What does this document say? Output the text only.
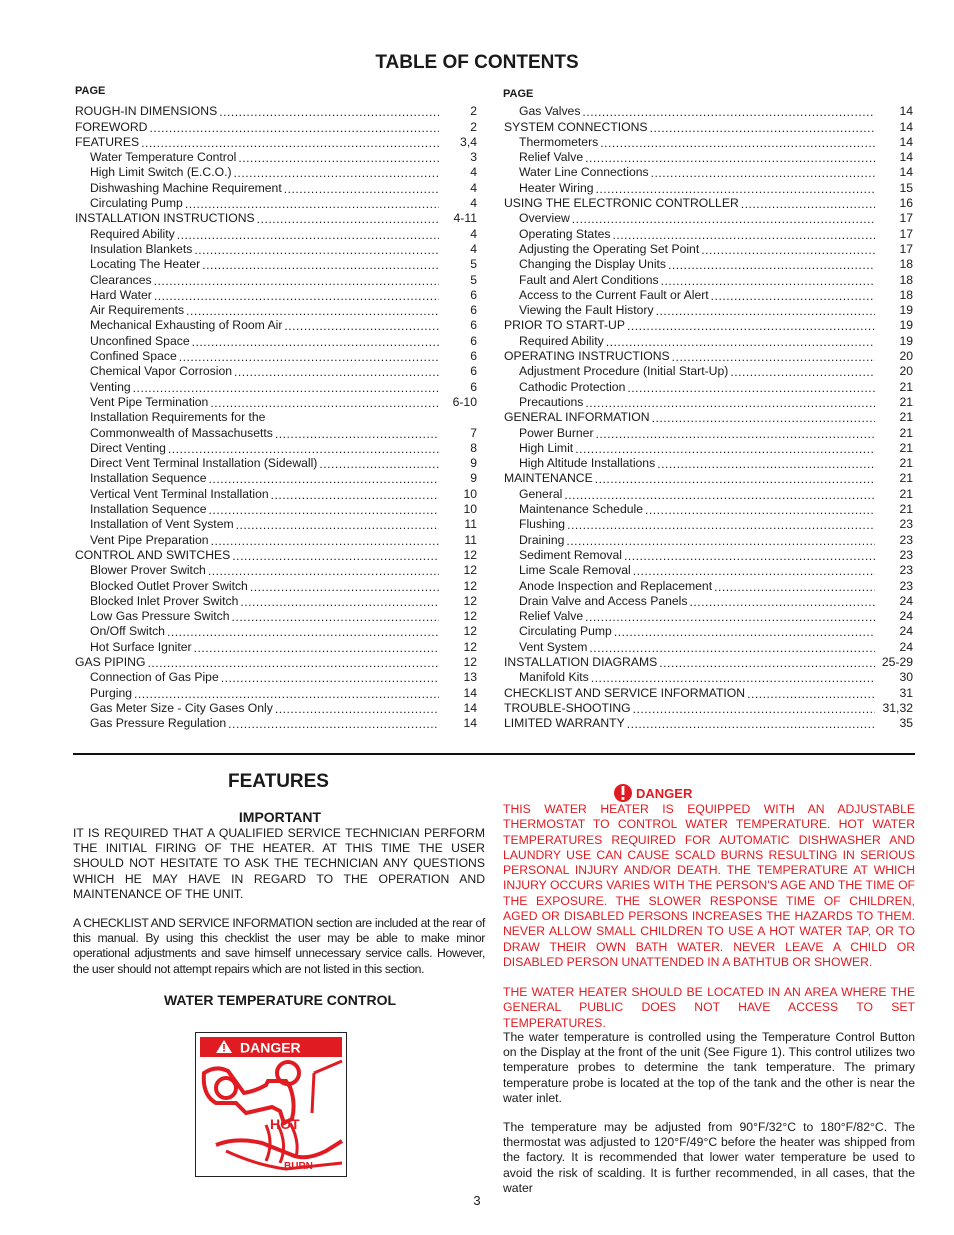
TABLE OF CONTENTS
PAGE	PAGE
ROUGH-IN DIMENSIONS .....	2
FOREWORD .....	2
FEATURES .....	3,4
Water Temperature Control .....	3
High Limit Switch (E.C.O.) .....	4
Dishwashing Machine Requirement .....	4
Circulating Pump .....	4
INSTALLATION INSTRUCTIONS .....	4-11
Required Ability .....	4
Insulation Blankets .....	4
Locating The Heater .....	5
Clearances .....	5
Hard Water .....	6
Air Requirements .....	6
Mechanical Exhausting of Room Air .....	6
Unconfined Space .....	6
Confined Space .....	6
Chemical Vapor Corrosion .....	6
Venting .....	6
Vent Pipe Termination .....	6-10
Installation Requirements for the
Commonwealth of Massachusetts .....	7
Direct Venting .....	8
Direct Vent Terminal Installation (Sidewall) .....	9
Installation Sequence .....	9
Vertical Vent Terminal Installation .....	10
Installation Sequence .....	10
Installation of Vent System .....	11
Vent Pipe Preparation .....	11
CONTROL AND SWITCHES .....	12
Blower Prover Switch .....	12
Blocked Outlet Prover Switch .....	12
Blocked Inlet Prover Switch .....	12
Low Gas Pressure Switch .....	12
On/Off Switch .....	12
Hot Surface Igniter .....	12
GAS PIPING .....	12
Connection of Gas Pipe .....	13
Purging .....	14
Gas Meter Size - City Gases Only .....	14
Gas Pressure Regulation .....	14
Gas Valves .....	14
SYSTEM CONNECTIONS .....	14
Thermometers .....	14
Relief Valve .....	14
Water Line Connections .....	14
Heater Wiring .....	15
USING THE ELECTRONIC CONTROLLER .....	16
Overview .....	17
Operating States .....	17
Adjusting the Operating Set Point .....	17
Changing the Display Units .....	18
Fault and Alert Conditions .....	18
Access to the Current Fault or Alert .....	18
Viewing the Fault History .....	19
PRIOR TO START-UP .....	19
Required Ability .....	19
OPERATING INSTRUCTIONS .....	20
Adjustment Procedure (Initial Start-Up) .....	20
Cathodic Protection .....	21
Precautions .....	21
GENERAL INFORMATION .....	21
Power Burner .....	21
High Limit .....	21
High Altitude Installations .....	21
MAINTENANCE .....	21
General .....	21
Maintenance Schedule .....	21
Flushing .....	23
Draining .....	23
Sediment Removal .....	23
Lime Scale Removal .....	23
Anode Inspection and Replacement .....	23
Drain Valve and Access Panels .....	24
Relief Valve .....	24
Circulating Pump .....	24
Vent System .....	24
INSTALLATION DIAGRAMS .....	25-29
Manifold Kits .....	30
CHECKLIST AND SERVICE INFORMATION .....	31
TROUBLE-SHOOTING .....	31,32
LIMITED WARRANTY .....	35
FEATURES
IMPORTANT
IT IS REQUIRED THAT A QUALIFIED SERVICE TECHNICIAN PERFORM THE INITIAL FIRING OF THE HEATER. AT THIS TIME THE USER SHOULD NOT HESITATE TO ASK THE TECHNICIAN ANY QUESTIONS WHICH HE MAY HAVE IN REGARD TO THE OPERATION AND MAINTENANCE OF THE UNIT.
A CHECKLIST AND SERVICE INFORMATION section are included at the rear of this manual. By using this checklist the user may be able to make minor operational adjustments and save himself unnecessary service calls. However, the user should not attempt repairs which are not listed in this section.
WATER TEMPERATURE CONTROL
DANGER
HOT
BURN
DANGER
THIS WATER HEATER IS EQUIPPED WITH AN ADJUSTABLE THERMOSTAT TO CONTROL WATER TEMPERATURE. HOT WATER TEMPERATURES REQUIRED FOR AUTOMATIC DISHWASHER AND LAUNDRY USE CAN CAUSE SCALD BURNS RESULTING IN SERIOUS PERSONAL INJURY AND/OR DEATH. THE TEMPERATURE AT WHICH INJURY OCCURS VARIES WITH THE PERSON'S AGE AND THE TIME OF THE EXPOSURE. THE SLOWER RESPONSE TIME OF CHILDREN, AGED OR DISABLED PERSONS INCREASES THE HAZARDS TO THEM. NEVER ALLOW SMALL CHILDREN TO USE A HOT WATER TAP, OR TO DRAW THEIR OWN BATH WATER. NEVER LEAVE A CHILD OR DISABLED PERSON UNATTENDED IN A BATHTUB OR SHOWER.
THE WATER HEATER SHOULD BE LOCATED IN AN AREA WHERE THE GENERAL PUBLIC DOES NOT HAVE ACCESS TO SET TEMPERATURES.
The water temperature is controlled using the Temperature Control Button on the Display at the front of the unit (See Figure 1). This control utilizes two temperature probes to determine the tank temperature. The primary temperature probe is located at the top of the tank and the other is near the water inlet.
The temperature may be adjusted from 90°F/32°C to 180°F/82°C. The thermostat was adjusted to 120°F/49°C before the heater was shipped from the factory. It is recommended that lower water temperature be used to avoid the risk of scalding. It is further recommended, in all cases, that the water
3
